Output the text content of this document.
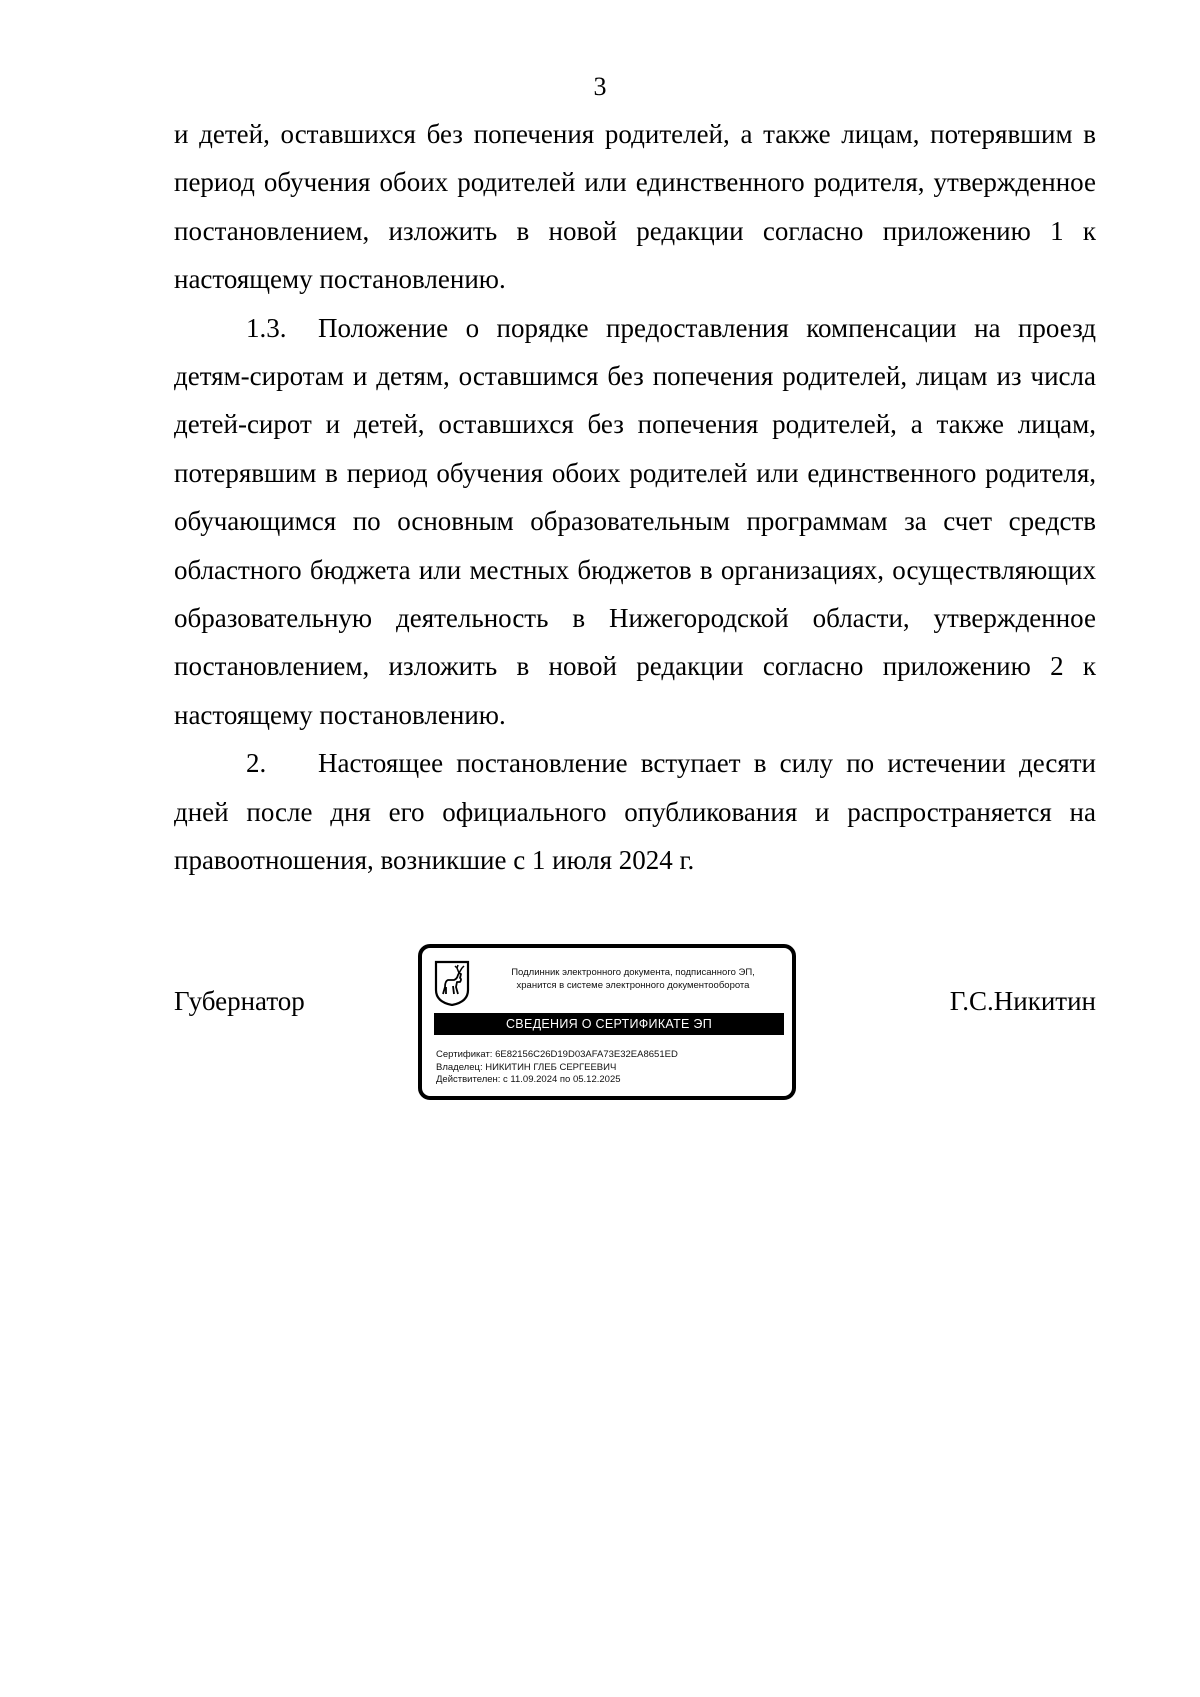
3

и детей, оставшихся без попечения родителей, а также лицам, потерявшим в период обучения обоих родителей или единственного родителя, утвержденное постановлением, изложить в новой редакции согласно приложению 1 к настоящему постановлению.

1.3. Положение о порядке предоставления компенсации на проезд детям-сиротам и детям, оставшимся без попечения родителей, лицам из числа детей-сирот и детей, оставшихся без попечения родителей, а также лицам, потерявшим в период обучения обоих родителей или единственного родителя, обучающимся по основным образовательным программам за счет средств областного бюджета или местных бюджетов в организациях, осуществляющих образовательную деятельность в Нижегородской области, утвержденное постановлением, изложить в новой редакции согласно приложению 2 к настоящему постановлению.

2. Настоящее постановление вступает в силу по истечении десяти дней после дня его официального опубликования и распространяется на правоотношения, возникшие с 1 июля 2024 г.

Губернатор
Подлинник электронного документа, подписанного ЭП,
хранится в системе электронного документооборота
СВЕДЕНИЯ О СЕРТИФИКАТЕ ЭП
Сертификат: 6E82156C26D19D03AFA73E32EA8651ED
Владелец: НИКИТИН ГЛЕБ СЕРГЕЕВИЧ
Действителен: с 11.09.2024 по 05.12.2025
Г.С.Никитин
